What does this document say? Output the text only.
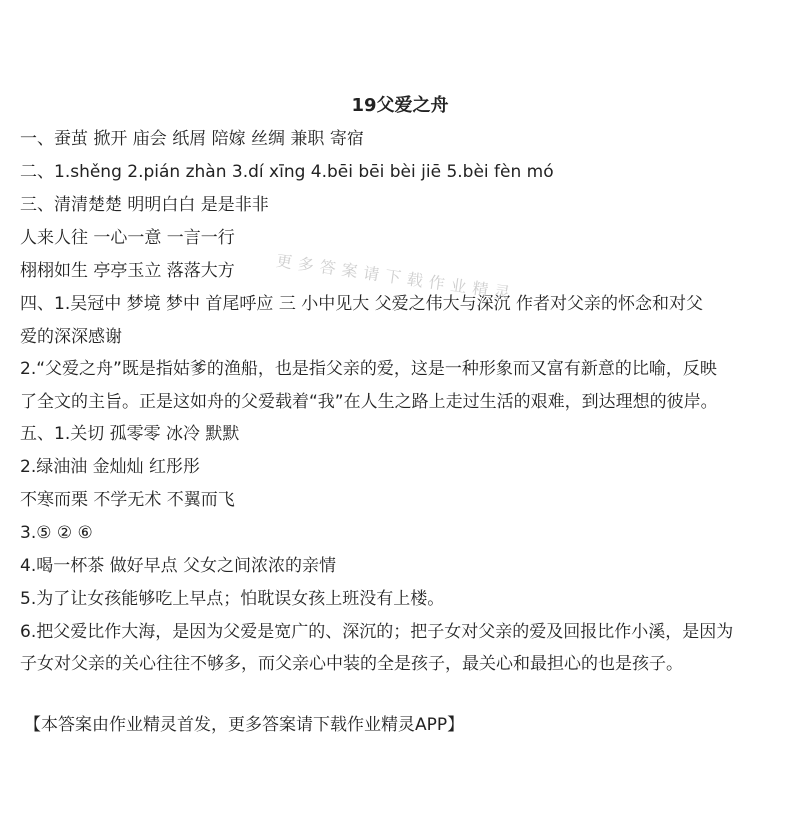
19父爱之舟
一、蚕茧 掀开 庙会 纸屑 陪嫁 丝绸 兼职 寄宿
二、1.shěng 2.pián zhàn 3.dí xīng 4.bēi bēi bèi jiē 5.bèi fèn mó
三、清清楚楚 明明白白 是是非非
人来人往 一心一意 一言一行
栩栩如生 亭亭玉立 落落大方
四、1.吴冠中 梦境 梦中 首尾呼应 三 小中见大 父爱之伟大与深沉 作者对父亲的怀念和对父
爱的深深感谢
2.“父爱之舟”既是指姑爹的渔船，也是指父亲的爱，这是一种形象而又富有新意的比喻，反映
了全文的主旨。正是这如舟的父爱载着“我”在人生之路上走过生活的艰难，到达理想的彼岸。
五、1.关切 孤零零 冰冷 默默
2.绿油油 金灿灿 红彤彤
不寒而栗 不学无术 不翼而飞
3.⑤ ② ⑥
4.喝一杯茶 做好早点 父女之间浓浓的亲情
5.为了让女孩能够吃上早点；怕耽误女孩上班没有上楼。
6.把父爱比作大海，是因为父爱是宽广的、深沉的；把子女对父亲的爱及回报比作小溪，是因为
子女对父亲的关心往往不够多，而父亲心中装的全是孩子，最关心和最担心的也是孩子。
更多答案请下载作业精灵
【本答案由作业精灵首发，更多答案请下载作业精灵APP】
